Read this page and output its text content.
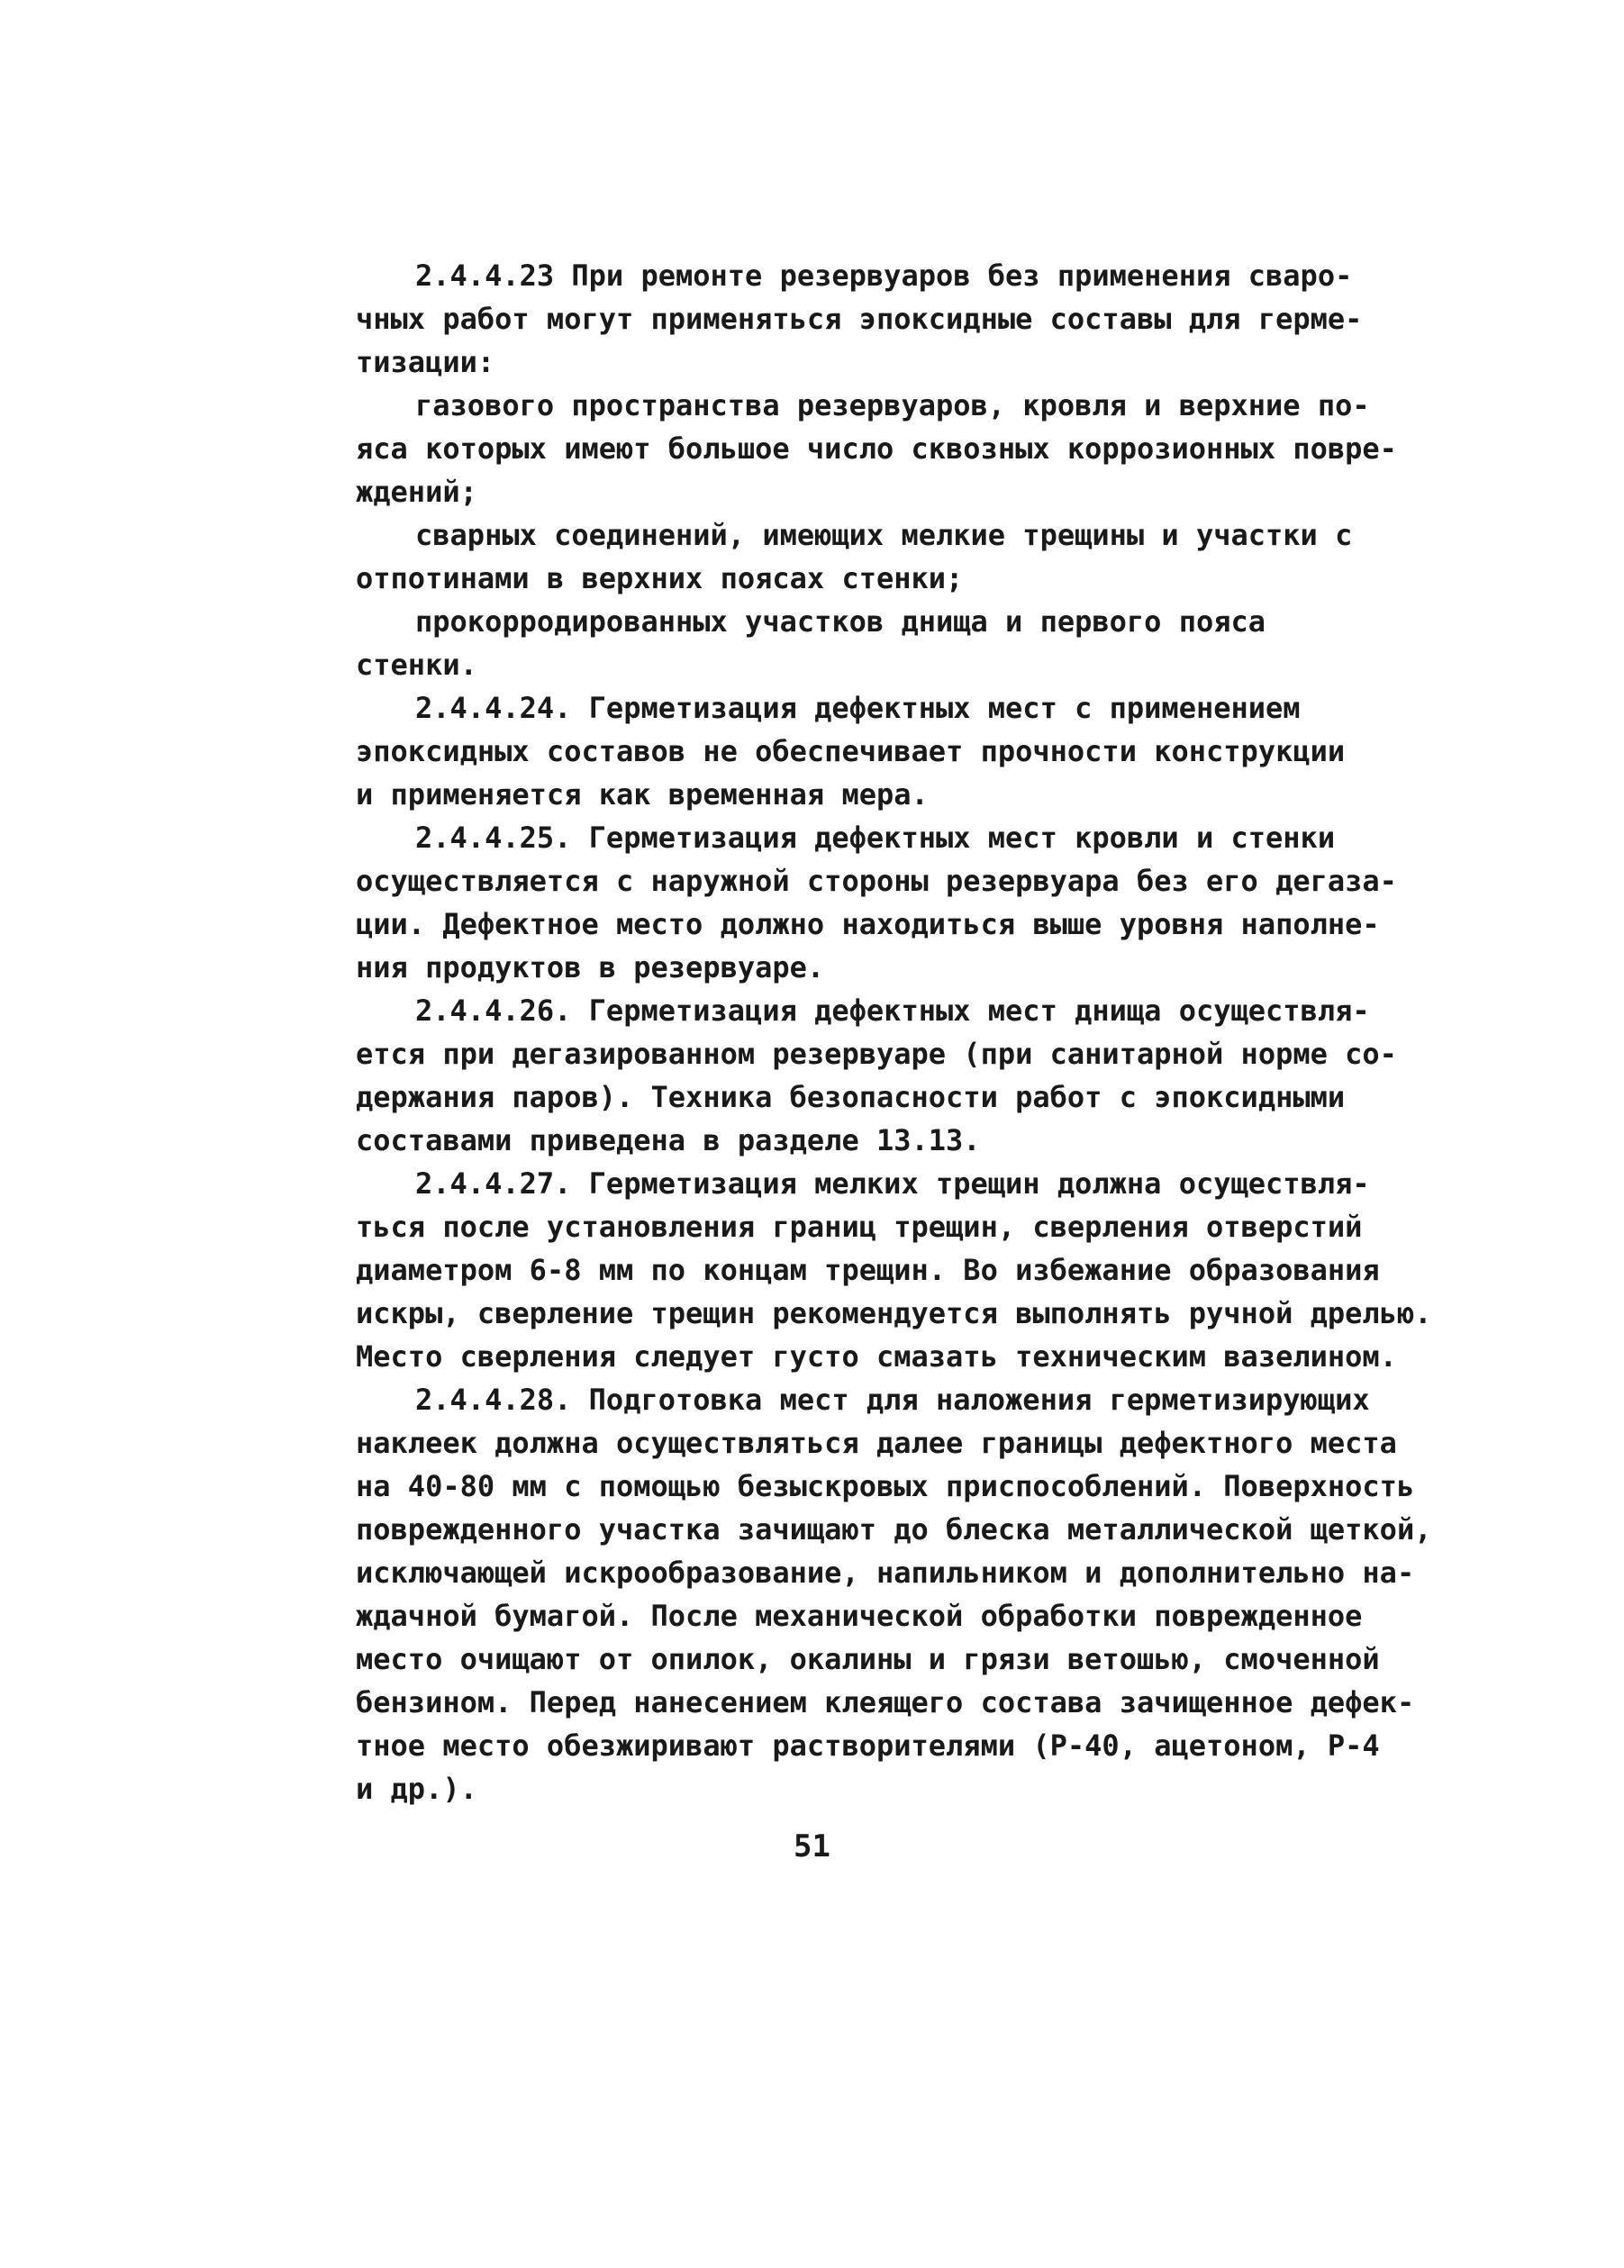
2.4.4.23 При ремонте резервуаров без применения сваро-
чных работ могут применяться эпоксидные составы для герме-
тизации:
газового пространства резервуаров, кровля и верхние по-
яса которых имеют большое число сквозных коррозионных повре-
ждений;
сварных соединений, имеющих мелкие трещины и участки с
отпотинами в верхних поясах стенки;
прокорродированных участков днища и первого пояса
стенки.
2.4.4.24. Герметизация дефектных мест с применением
эпоксидных составов не обеспечивает прочности конструкции
и применяется как временная мера.
2.4.4.25. Герметизация дефектных мест кровли и стенки
осуществляется с наружной стороны резервуара без его дегаза-
ции. Дефектное место должно находиться выше уровня наполне-
ния продуктов в резервуаре.
2.4.4.26. Герметизация дефектных мест днища осуществля-
ется при дегазированном резервуаре (при санитарной норме со-
держания паров). Техника безопасности работ с эпоксидными
составами приведена в разделе 13.13.
2.4.4.27. Герметизация мелких трещин должна осуществля-
ться после установления границ трещин, сверления отверстий
диаметром 6-8 мм по концам трещин. Во избежание образования
искры, сверление трещин рекомендуется выполнять ручной дрелью.
Место сверления следует густо смазать техническим вазелином.
2.4.4.28. Подготовка мест для наложения герметизирующих
наклеек должна осуществляться далее границы дефектного места
на 40-80 мм с помощью безыскровых приспособлений. Поверхность
поврежденного участка зачищают до блеска металлической щеткой,
исключающей искрообразование, напильником и дополнительно на-
ждачной бумагой. После механической обработки поврежденное
место очищают от опилок, окалины и грязи ветошью, смоченной
бензином. Перед нанесением клеящего состава зачищенное дефек-
тное место обезжиривают растворителями (Р-40, ацетоном, Р-4
и др.).
51
